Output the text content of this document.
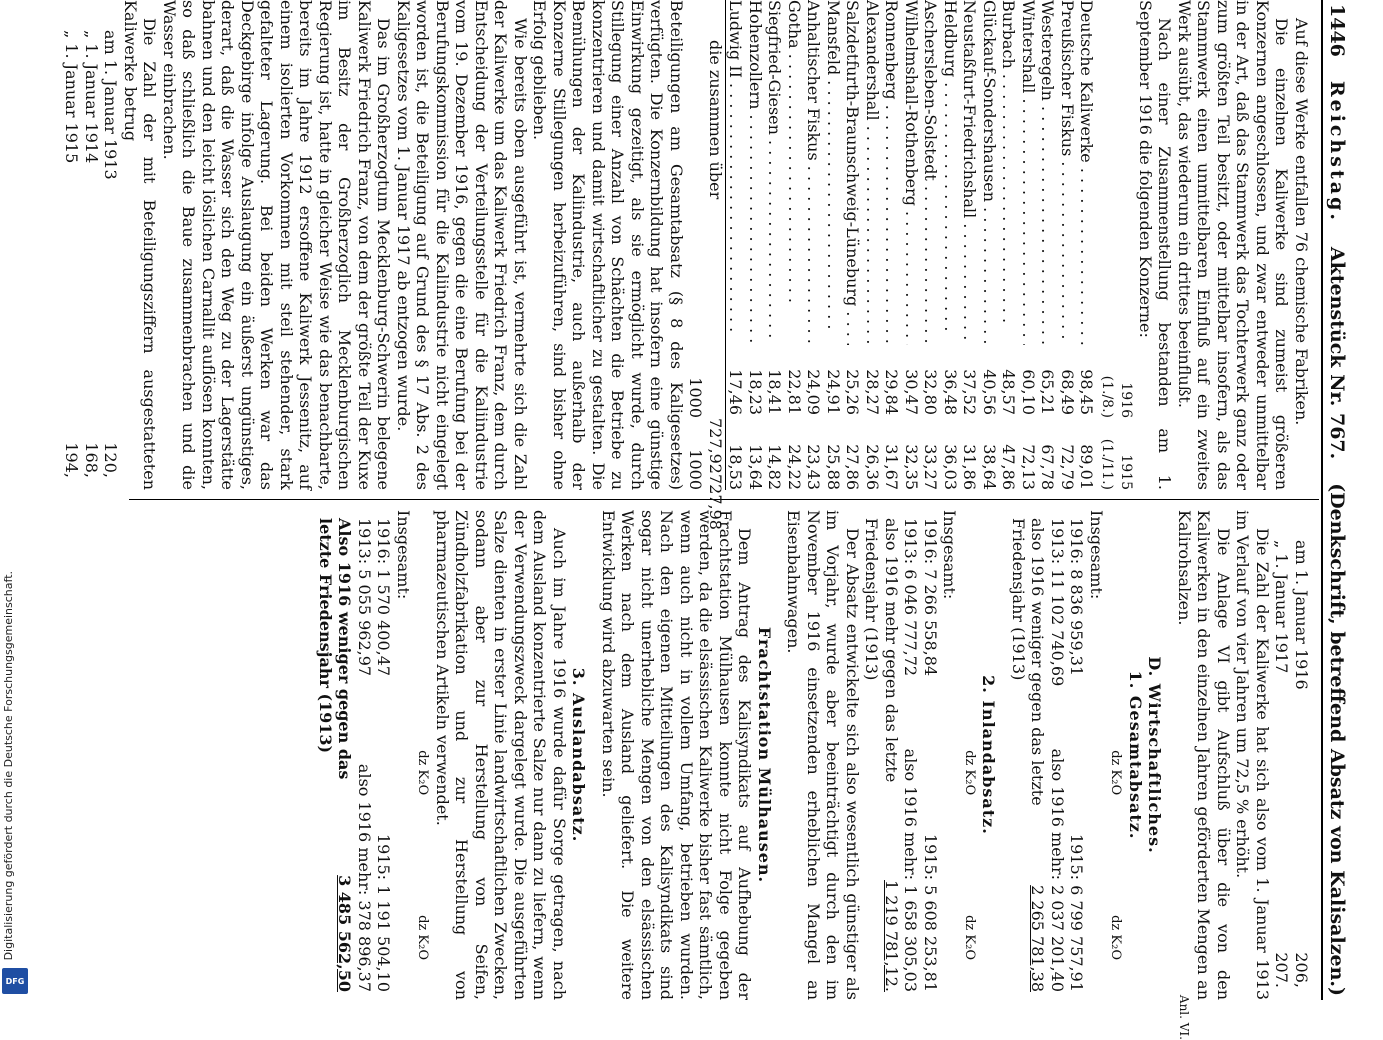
Digitalisierung gefördert durch die Deutsche Forschungsgemeinschaft.
DFG
1446
Reichstag.
Aktenstück Nr. 767.
(Denkschrift, betreffend Absatz von Kalisalzen.)

Auf diese Werke entfallen 76 chemische Fabriken.

Die einzelnen Kaliwerke sind zumeist größeren Konzernen angeschlossen, und zwar entweder unmittelbar in der Art, daß das Stammwerk das Tochterwerk ganz oder zum größten Teil besitzt, oder mittelbar insofern, als das Stammwerk einen unmittelbaren Einfluß auf ein zweites Werk ausübt, das wiederum ein drittes beeinflußt.

Nach einer Zusammenstellung bestanden am 1. September 1916 die folgenden Konzerne:

1916 (1./8.)
1915 (1./11.)
Deutsche Kaliwerke . . .
98,45
89,01
Preußischer Fiskus . . .
68,49
72,79
Westeregeln . . .
65,21
67,78
Wintershall . . .
60,10
72,13
Burbach . . .
48,57
47,86
Glückauf-Sondershausen . . .
40,56
38,64
Neustaßfurt-Friedrichshall . . .
37,52
31,86
Heldburg . . .
36,48
36,03
Aschersleben-Solstedt . . .
32,80
33,27
Wilhelmshall-Rothenberg . . .
30,47
32,35
Ronnenberg . . .
29,84
31,67
Alexandershall . . .
28,27
26,36
Salzdetfurth-Braunschweig-Lüneburg . . .
25,26
27,86
Mansfeld . . .
24,91
25,88
Anhaltischer Fiskus . . .
24,09
23,43
Gotha . . .
22,81
24,22
Siegfried-Giesen . . .
18,41
14,82
Hohenzollern . . .
18,23
13,64
Ludwig II . . .
17,46
18,53
die zusammen über
727,92
727,98
1000
1000

Beteiligungen am Gesamtabsatz (§ 8 des Kaligesetzes) verfügten. Die Konzernbildung hat insofern eine günstige Einwirkung gezeitigt, als sie ermöglicht wurde, durch Stillegung einer Anzahl von Schächten die Betriebe zu konzentrieren und damit wirtschaftlicher zu gestalten. Die Bemühungen der Kaliindustrie, auch außerhalb der Konzerne Stillegungen herbeizuführen, sind bisher ohne Erfolg geblieben.

Wie bereits oben ausgeführt ist, vermehrte sich die Zahl der Kaliwerke um das Kaliwerk Friedrich Franz, dem durch Entscheidung der Verteilungsstelle für die Kaliindustrie vom 19. Dezember 1916, gegen die eine Berufung bei der Berufungskommission für die Kaliindustrie nicht eingelegt worden ist, die Beteiligung auf Grund des § 17 Abs. 2 des Kaligesetzes vom 1. Januar 1917 ab entzogen wurde.

Das im Großherzogtum Mecklenburg-Schwerin belegene Kaliwerk Friedrich Franz, von dem der größte Teil der Kuxe im Besitz der Großherzoglich Mecklenburgischen Regierung ist, hatte in gleicher Weise wie das benachbarte, bereits im Jahre 1912 ersoffene Kaliwerk Jessenitz, auf einem isolierten Vorkommen mit steil stehender, stark gefalteter Lagerung. Bei beiden Werken war das Deckgebirge infolge Auslaugung ein äußerst ungünstiges, derart, daß die Wasser sich den Weg zu der Lagerstätte bahnen und den leicht löslichen Carnallit auflösen konnten, so daß schließlich die Baue zusammenbrachen und die Wasser einbrachen.

Die Zahl der mit Beteiligungsziffern ausgestatteten Kaliwerke betrug

am 1. Januar 1913
120,
„ 1. Januar 1914
168,
„ 1. Januar 1915
194,
am 1. Januar 1916
206,
„ 1. Januar 1917
207.

Die Zahl der Kaliwerke hat sich also vom 1. Januar 1913 im Verlauf von vier Jahren um 72,5 % erhöht.

Die Anlage VI gibt Aufschluß über die von den Kaliwerken in den einzelnen Jahren geförderten Mengen an Kalirohsalzen.

Anl. VI.

D. Wirtschaftliches.

1. Gesamtabsatz.

dz K₂O
dz K₂O
Insgesamt:
1916: 8 836 959,31
1915: 6 799 757,91
1913: 11 102 740,69
also 1916 mehr: 2 037 201,40
also 1916 weniger gegen das letzte Friedensjahr (1913)
2 265 781,38

2. Inlandabsatz.

dz K₂O
dz K₂O
Insgesamt:
1916: 7 266 558,84
1915: 5 608 253,81
1913: 6 046 777,72
also 1916 mehr: 1 658 305,03
also 1916 mehr gegen das letzte Friedensjahr (1913)
1 219 781,12.

Der Absatz entwickelte sich also wesentlich günstiger als im Vorjahr, wurde aber beeinträchtigt durch den im November 1916 einsetzenden erheblichen Mangel an Eisenbahnwagen.

Frachtstation Mülhausen.

Dem Antrag des Kalisyndikats auf Aufhebung der Frachtstation Mülhausen konnte nicht Folge gegeben werden, da die elsässischen Kaliwerke bisher fast sämtlich, wenn auch nicht in vollem Umfang, betrieben wurden. Nach den eigenen Mitteilungen des Kalisyndikats sind sogar nicht unerhebliche Mengen von den elsässischen Werken nach dem Ausland geliefert. Die weitere Entwicklung wird abzuwarten sein.

3. Auslandabsatz.

Auch im Jahre 1916 wurde dafür Sorge getragen, nach dem Ausland konzentrierte Salze nur dann zu liefern, wenn der Verwendungszweck dargelegt wurde. Die ausgeführten Salze dienten in erster Linie landwirtschaftlichen Zwecken, sodann aber zur Herstellung von Seifen, Zündholzfabrikation und zur Herstellung von pharmazeutischen Artikeln verwendet.

dz K₂O
dz K₂O
Insgesamt:
1916: 1 570 400,47
1915: 1 191 504,10
1913: 5 055 962,97
also 1916 mehr: 378 896,37
Also 1916 weniger gegen das letzte Friedensjahr (1913)
3 485 562,50
